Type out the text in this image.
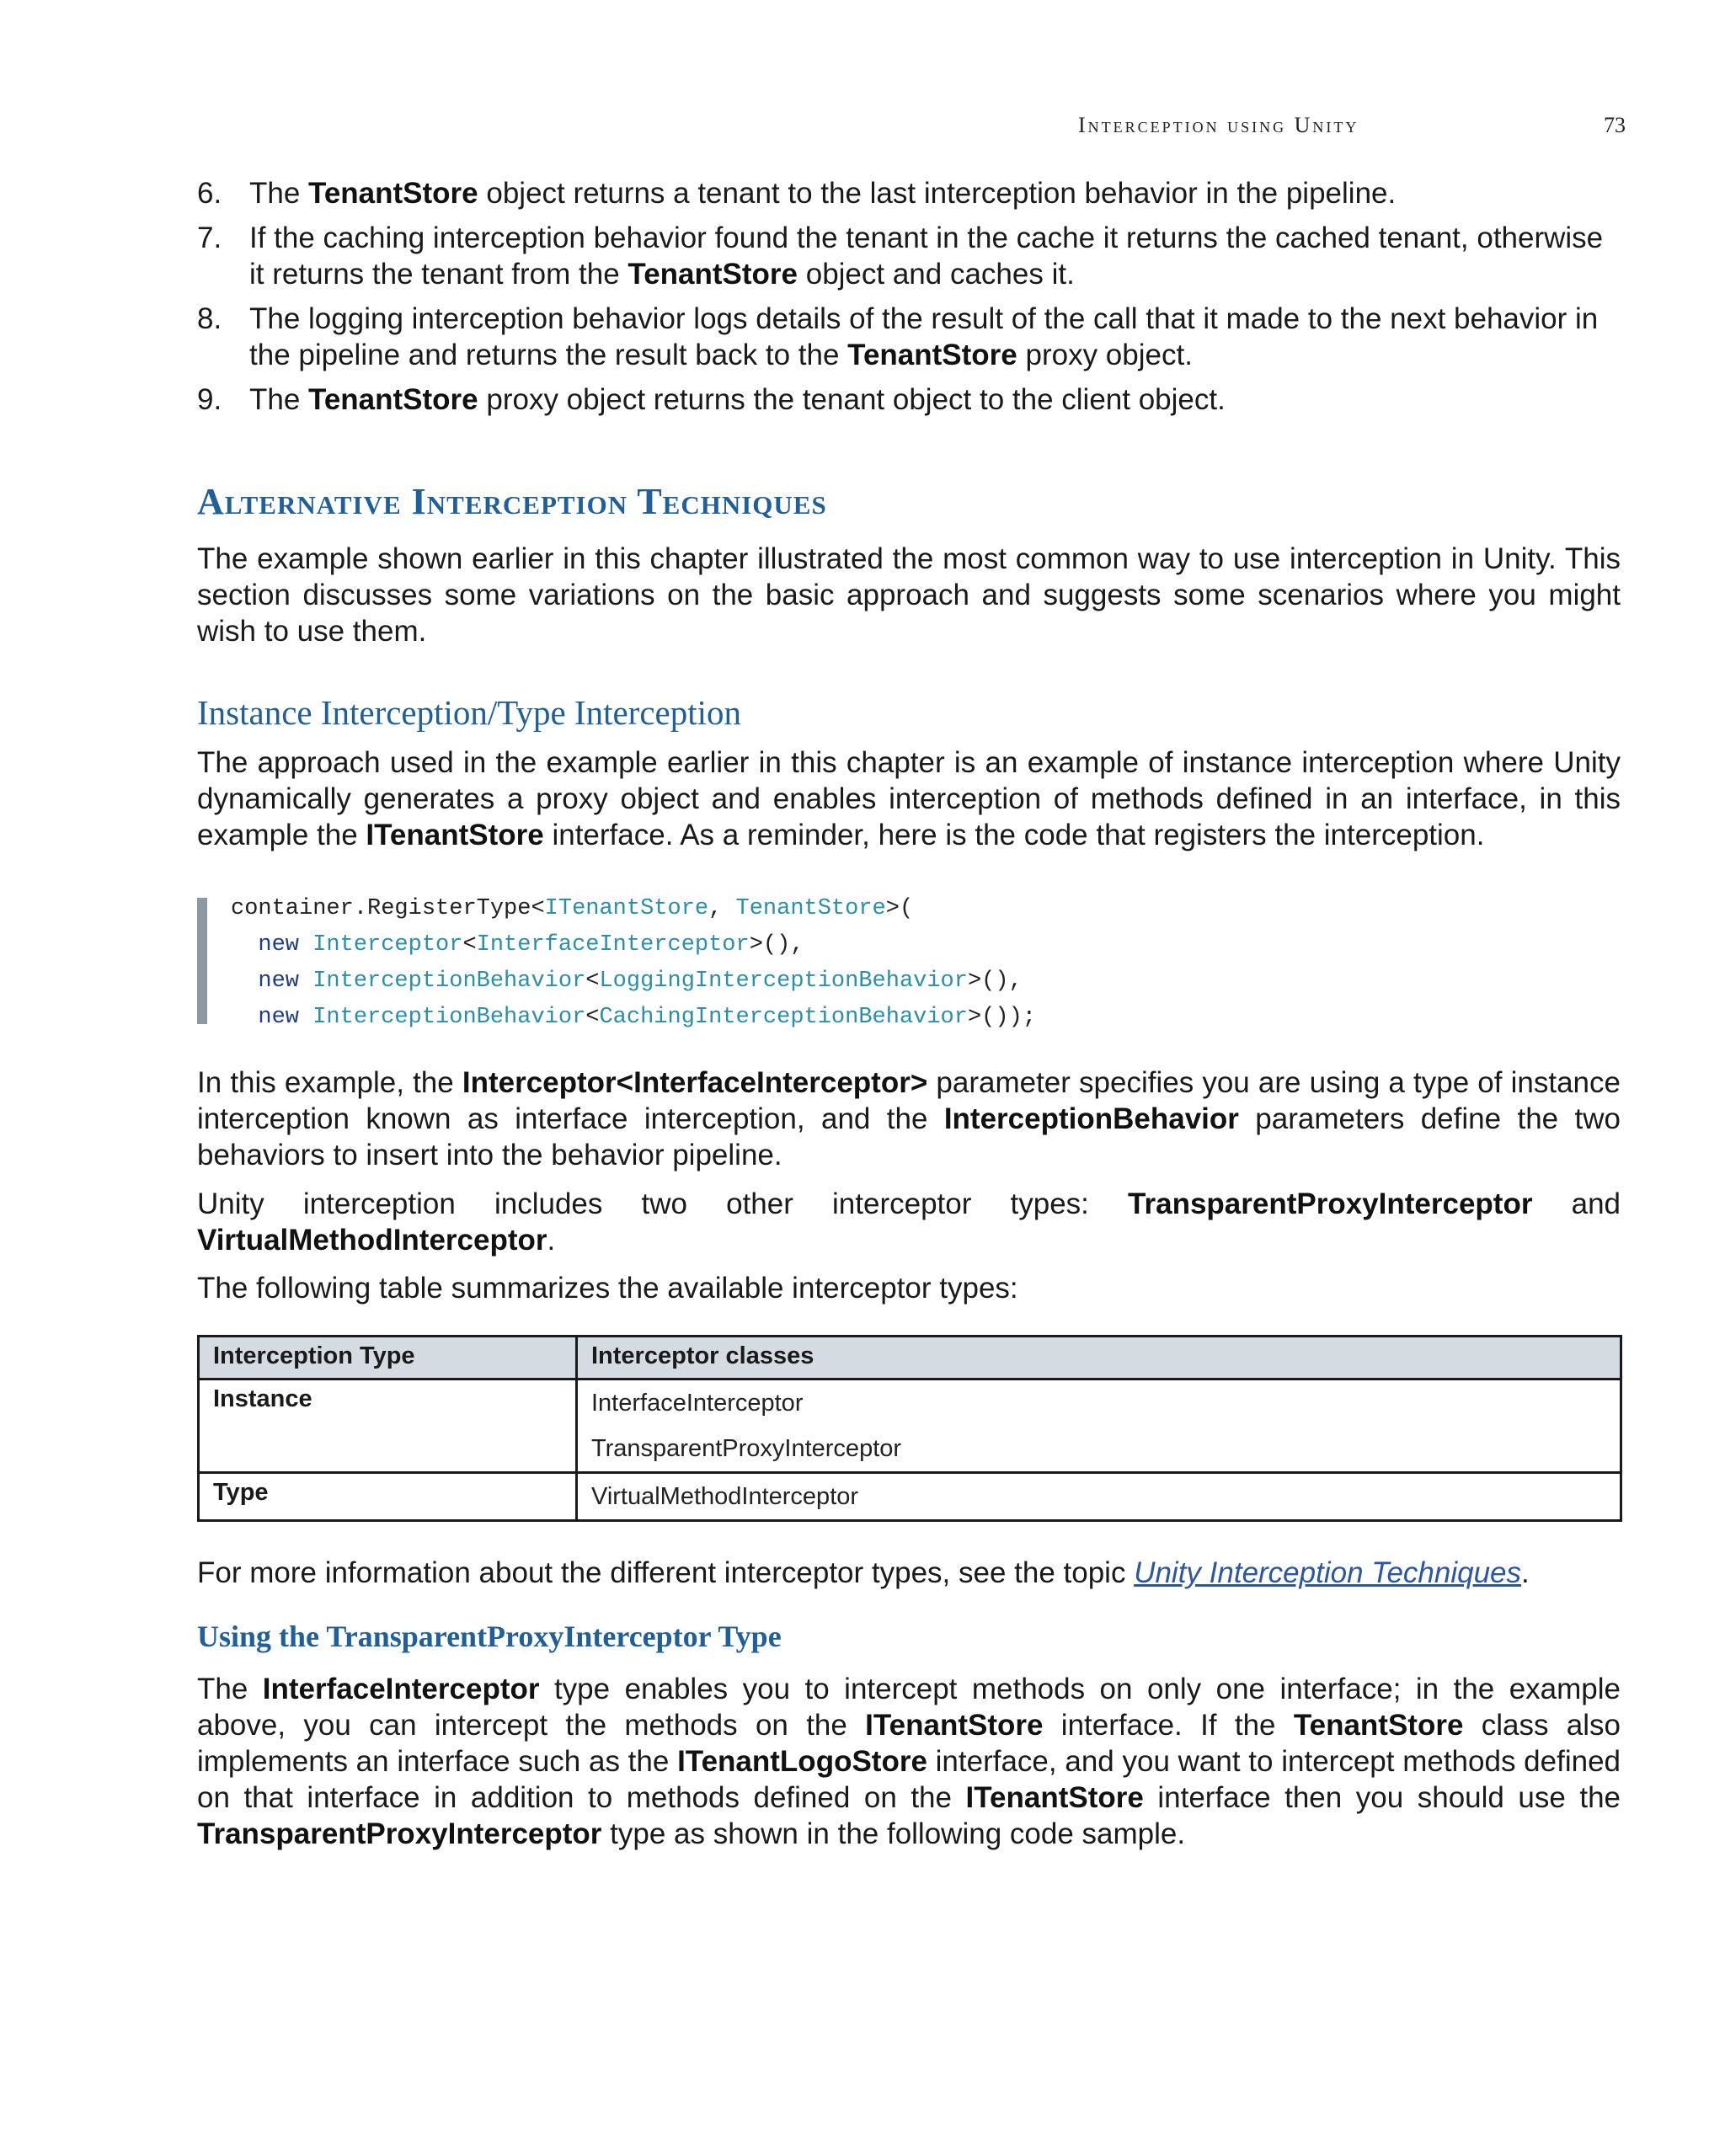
Interception using Unity	73
6. The TenantStore object returns a tenant to the last interception behavior in the pipeline.
7. If the caching interception behavior found the tenant in the cache it returns the cached tenant, otherwise it returns the tenant from the TenantStore object and caches it.
8. The logging interception behavior logs details of the result of the call that it made to the next behavior in the pipeline and returns the result back to the TenantStore proxy object.
9. The TenantStore proxy object returns the tenant object to the client object.
Alternative Interception Techniques

The example shown earlier in this chapter illustrated the most common way to use interception in Unity. This section discusses some variations on the basic approach and suggests some scenarios where you might wish to use them.

Instance Interception/Type Interception

The approach used in the example earlier in this chapter is an example of instance interception where Unity dynamically generates a proxy object and enables interception of methods defined in an interface, in this example the ITenantStore interface. As a reminder, here is the code that registers the interception.

container.RegisterType<ITenantStore, TenantStore>(
new Interceptor<InterfaceInterceptor>(),
new InterceptionBehavior<LoggingInterceptionBehavior>(),
new InterceptionBehavior<CachingInterceptionBehavior>());

In this example, the Interceptor<InterfaceInterceptor> parameter specifies you are using a type of instance interception known as interface interception, and the InterceptionBehavior parameters define the two behaviors to insert into the behavior pipeline.

Unity interception includes two other interceptor types: TransparentProxyInterceptor and VirtualMethodInterceptor.

The following table summarizes the available interceptor types:

Interception Type	Interceptor classes
Instance	InterfaceInterceptor
TransparentProxyInterceptor

Type	VirtualMethodInterceptor

For more information about the different interceptor types, see the topic Unity Interception Techniques.

Using the TransparentProxyInterceptor Type

The InterfaceInterceptor type enables you to intercept methods on only one interface; in the example above, you can intercept the methods on the ITenantStore interface. If the TenantStore class also implements an interface such as the ITenantLogoStore interface, and you want to intercept methods defined on that interface in addition to methods defined on the ITenantStore interface then you should use the TransparentProxyInterceptor type as shown in the following code sample.
